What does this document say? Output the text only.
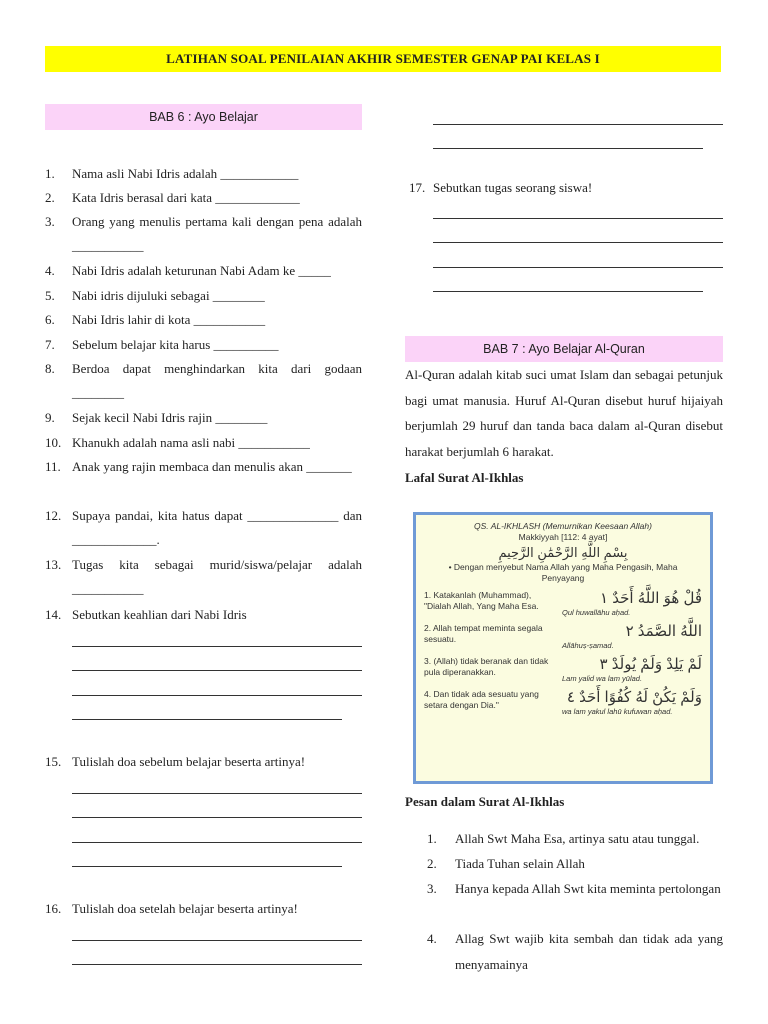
LATIHAN SOAL PENILAIAN AKHIR SEMESTER GENAP PAI KELAS I
BAB 6 : Ayo Belajar
1.	Nama asli Nabi Idris adalah ____________
2.	Kata Idris berasal dari kata _____________
3.	Orang yang menulis pertama kali dengan pena adalah ___________
4.	Nabi Idris adalah keturunan Nabi Adam ke _____
5.	Nabi idris dijuluki sebagai ________
6.	Nabi Idris lahir di kota ___________
7.	Sebelum belajar kita harus __________
8.	Berdoa dapat menghindarkan kita dari godaan ________
9.	Sejak kecil Nabi Idris rajin ________
10. Khanukh adalah nama asli nabi ___________
11. Anak yang rajin membaca dan menulis akan _______
12. Supaya pandai, kita hatus dapat ______________ dan _____________.
13. Tugas kita sebagai murid/siswa/pelajar adalah ___________
14. Sebutkan keahlian dari Nabi Idris
15. Tulislah doa sebelum belajar beserta artinya!
16. Tulislah doa setelah belajar beserta artinya!
17. Sebutkan tugas seorang siswa!
BAB 7 : Ayo Belajar Al-Quran
Al-Quran adalah kitab suci umat Islam dan sebagai petunjuk bagi umat manusia. Huruf Al-Quran disebut huruf hijaiyah berjumlah 29 huruf dan tanda baca dalam al-Quran disebut harakat berjumlah 6 harakat.
Lafal Surat Al-Ikhlas
QS. AL-IKHLASH (Memurnikan Keesaan Allah)
Makkiyyah [112: 4 ayat]
بِسْمِ اللَّهِ الرَّحْمَٰنِ الرَّحِيمِ
• Dengan menyebut Nama Allah yang Maha Pengasih, Maha Penyayang
1. Katakanlah (Muhammad), "Dialah Allah, Yang Maha Esa.	قُلْ هُوَ اللَّهُ أَحَدٌ ١
Qul huwallāhu aḥad.
2. Allah tempat meminta segala sesuatu.	اللَّهُ الصَّمَدُ ٢
Allāhuṣ-ṣamad.
3. (Allah) tidak beranak dan tidak pula diperanakkan.	لَمْ يَلِدْ وَلَمْ يُولَدْ ٣
Lam yalid wa lam yūlad.
4. Dan tidak ada sesuatu yang setara dengan Dia."	وَلَمْ يَكُنْ لَهُ كُفُوًا أَحَدٌ ٤
wa lam yakul lahū kufuwan aḥad.
Pesan dalam Surat Al-Ikhlas
1. Allah Swt Maha Esa, artinya satu atau tunggal.
2. Tiada Tuhan selain Allah
3. Hanya kepada Allah Swt kita meminta pertolongan
4. Allag Swt wajib kita sembah dan tidak ada yang menyamainya
